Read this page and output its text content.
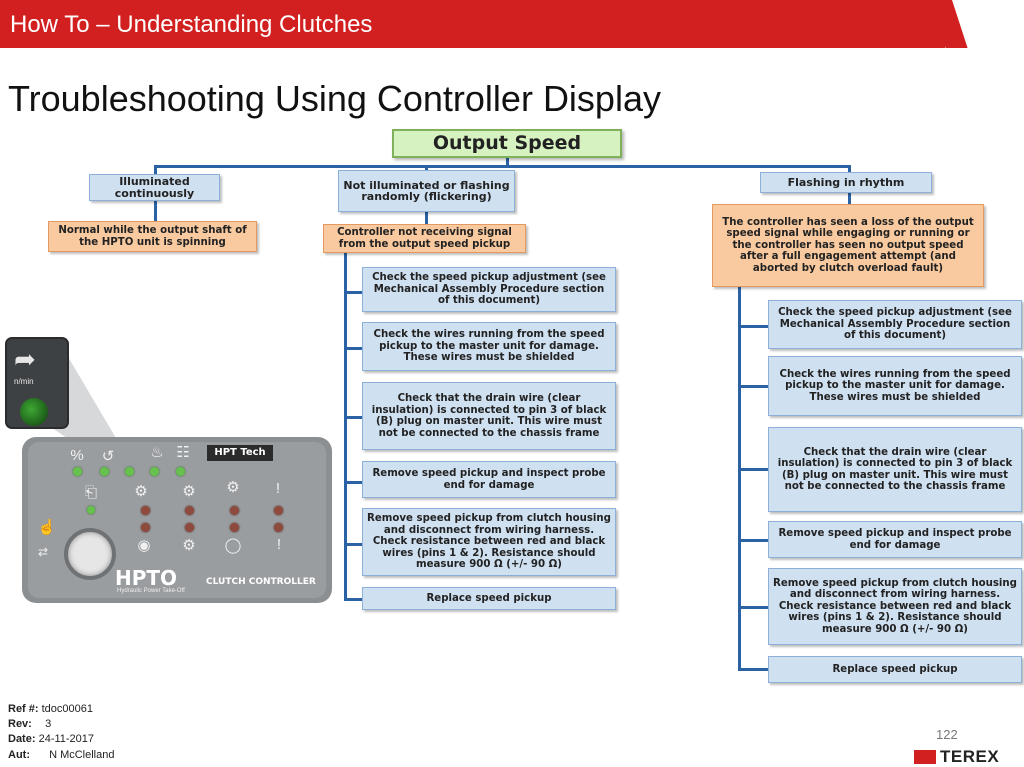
How To – Understanding Clutches
Troubleshooting Using Controller Display
Output Speed
Illuminated continuously
Not illuminated or flashing randomly (flickering)
Flashing in rhythm
Normal while the output shaft of the HPTO unit is spinning
Controller not receiving signal from the output speed pickup
The controller has seen a loss of the output speed signal while engaging or running or the controller has seen no output speed after a full engagement attempt (and aborted by clutch overload fault)
Check the speed pickup adjustment (see Mechanical Assembly Procedure section of this document)
Check the wires running from the speed pickup to the master unit for damage. These wires must be shielded
Check that the drain wire (clear insulation) is connected to pin 3 of black (B) plug on master unit. This wire must not be connected to the chassis frame
Remove speed pickup and inspect probe end for damage
Remove speed pickup from clutch housing and disconnect from wiring harness. Check resistance between red and black wires (pins 1 & 2). Resistance should measure 900 Ω (+/- 90 Ω)
Replace speed pickup
Check the speed pickup adjustment (see Mechanical Assembly Procedure section of this document)
Check the wires running from the speed pickup to the master unit for damage. These wires must be shielded
Check that the drain wire (clear insulation) is connected to pin 3 of black (B) plug on master unit. This wire must not be connected to the chassis frame
Remove speed pickup and inspect probe end for damage
Remove speed pickup from clutch housing and disconnect from wiring harness. Check resistance between red and black wires (pins 1 & 2). Resistance should measure 900 Ω (+/- 90 Ω)
Replace speed pickup
HPT Tech
%	↺	♨ ☷
⎗	⚙	⚙	⚙	!
☝
⇄	◉	⚙	◯	!
HPTO	CLUTCH CONTROLLER
Hydraulic Power Take-Off
➦
n/min
Ref #: tdoc00061
Rev: 3
Date: 24-11-2017
Aut: N McClelland
122
TEREX
